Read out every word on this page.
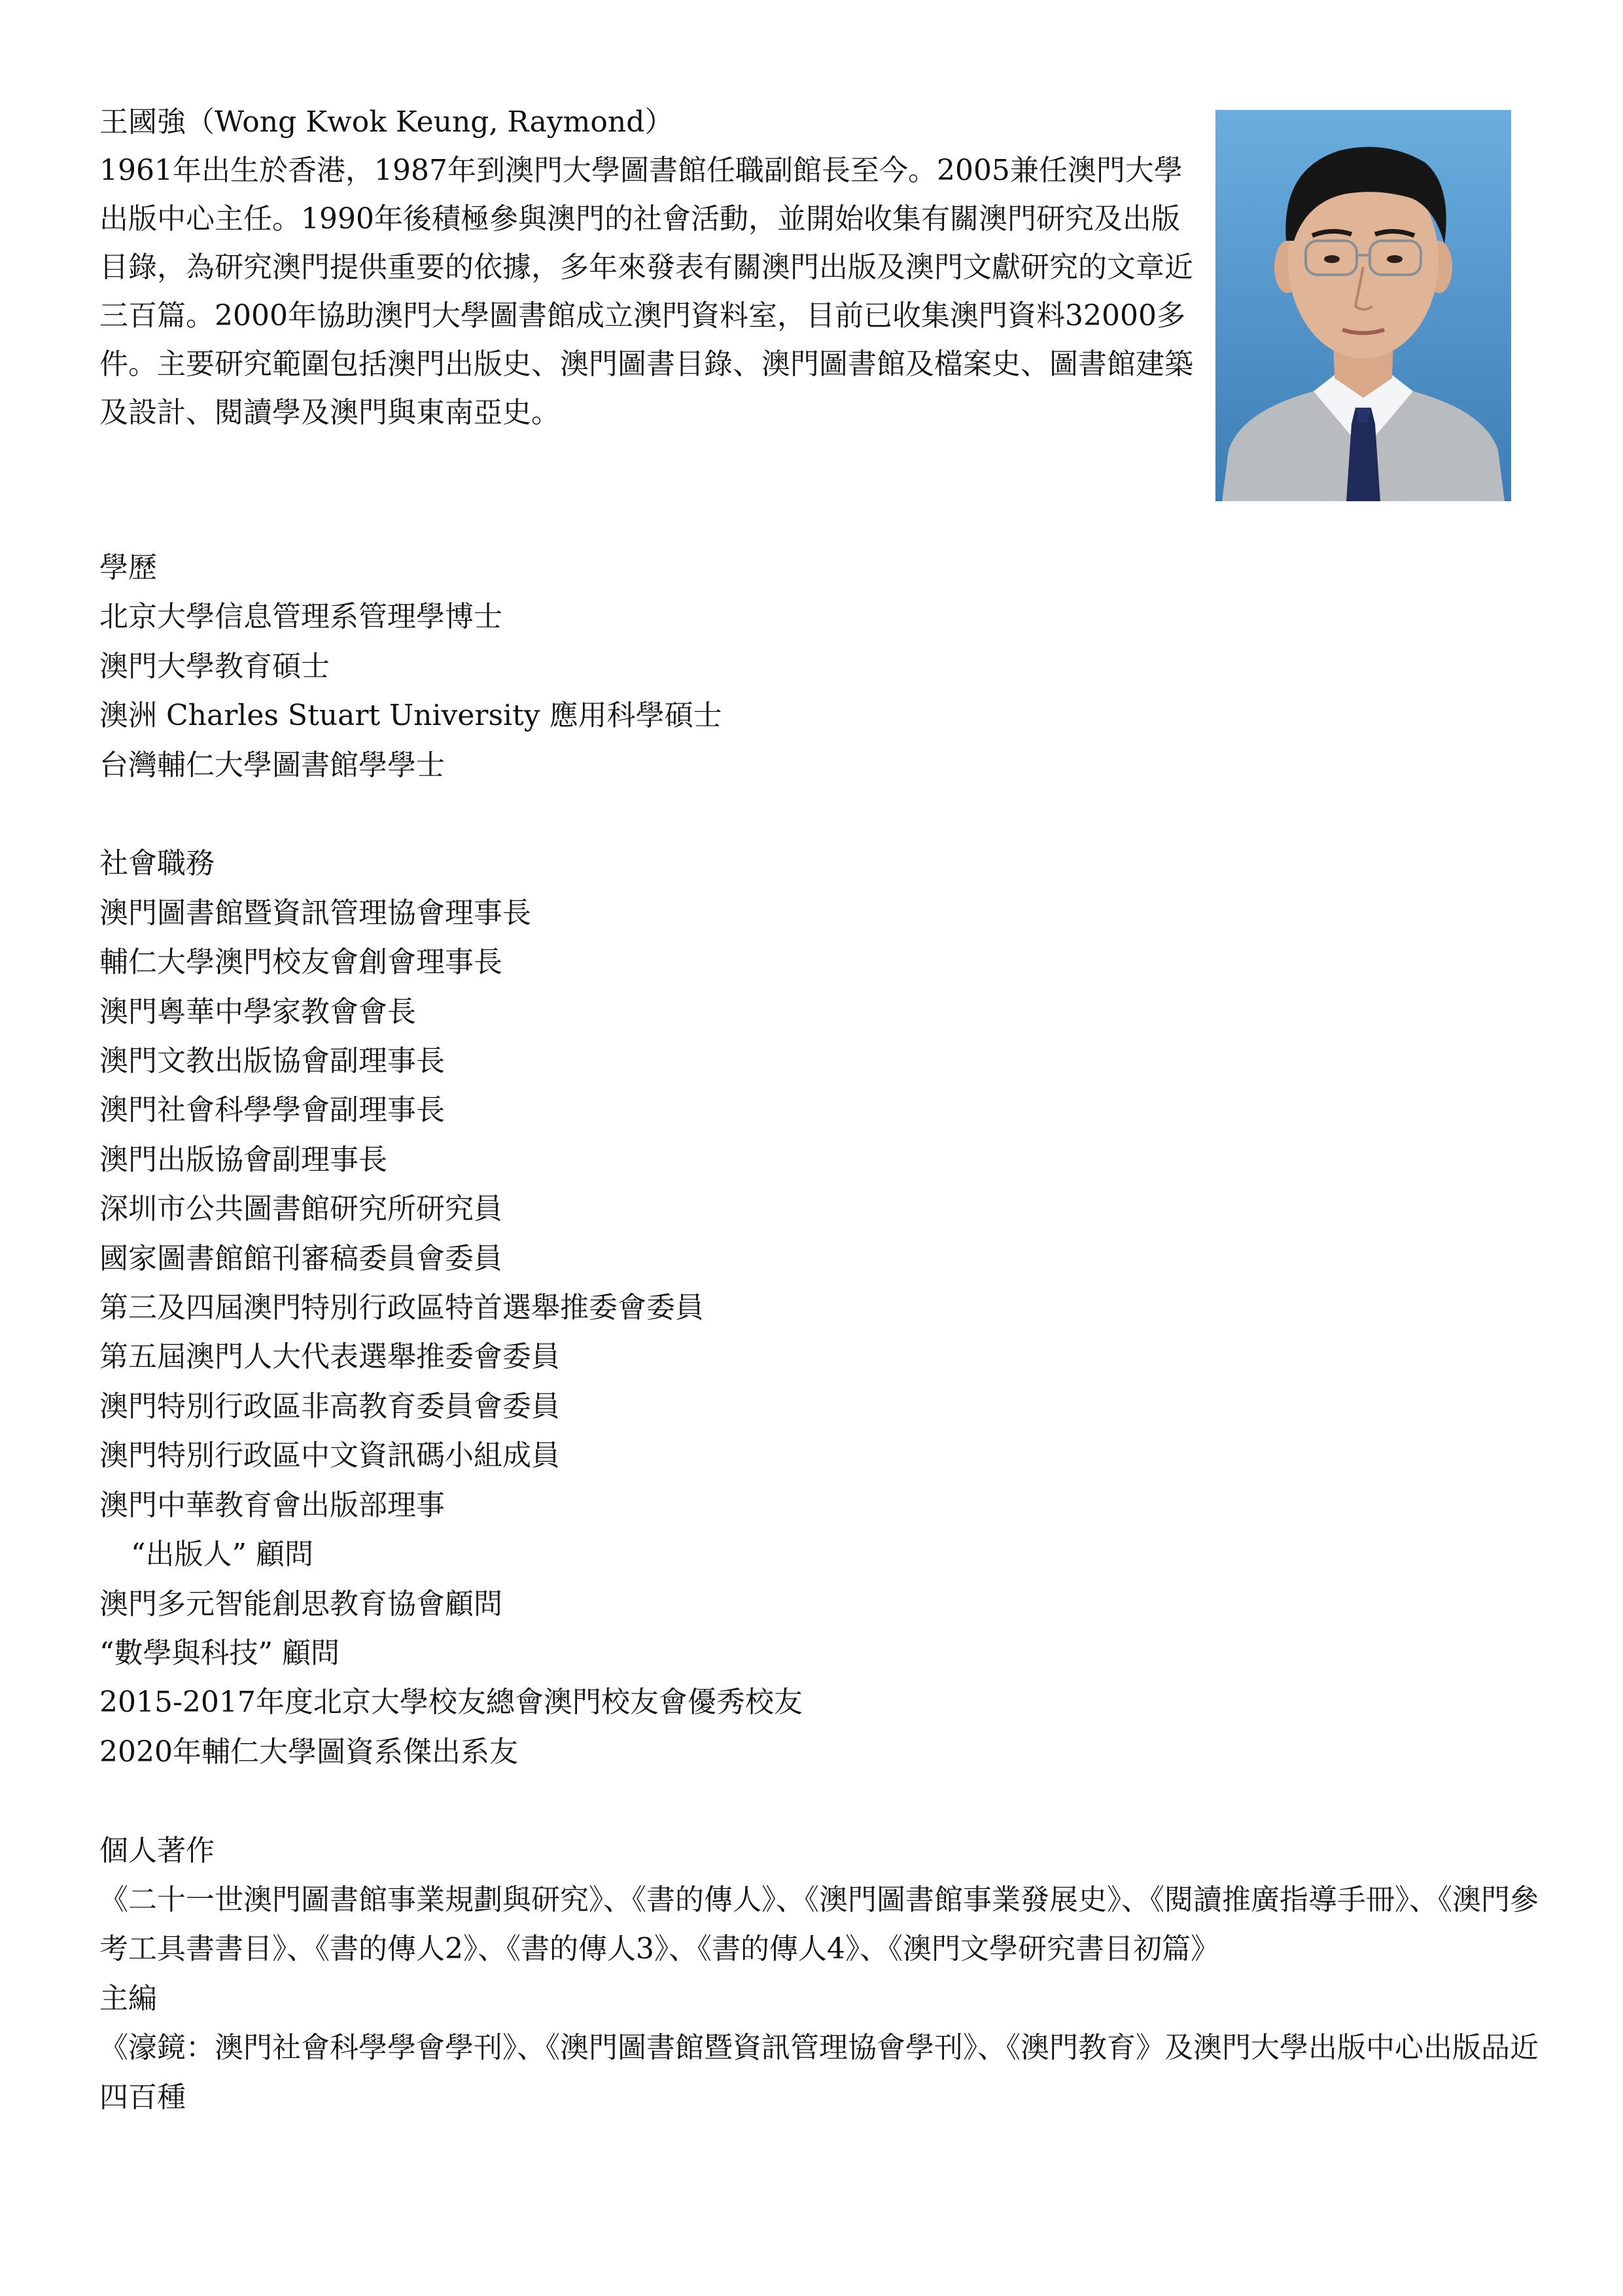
王國強（Wong Kwok Keung, Raymond）

1961年出生於香港，1987年到澳門大學圖書館任職副館長至今。2005兼任澳門大學出版中心主任。1990年後積極參與澳門的社會活動，並開始收集有關澳門研究及出版目錄，為研究澳門提供重要的依據，多年來發表有關澳門出版及澳門文獻研究的文章近三百篇。2000年協助澳門大學圖書館成立澳門資料室，目前已收集澳門資料32000多件。主要研究範圍包括澳門出版史、澳門圖書目錄、澳門圖書館及檔案史、圖書館建築及設計、閱讀學及澳門與東南亞史。

學歷
北京大學信息管理系管理學博士
澳門大學教育碩士
澳洲 Charles Stuart University 應用科學碩士
台灣輔仁大學圖書館學學士
社會職務
澳門圖書館暨資訊管理協會理事長
輔仁大學澳門校友會創會理事長
澳門粵華中學家教會會長
澳門文教出版協會副理事長
澳門社會科學學會副理事長
澳門出版協會副理事長
深圳市公共圖書館研究所研究員
國家圖書館館刊審稿委員會委員
第三及四屆澳門特別行政區特首選舉推委會委員
第五屆澳門人大代表選舉推委會委員
澳門特別行政區非高教育委員會委員
澳門特別行政區中文資訊碼小組成員
澳門中華教育會出版部理事
“出版人” 顧問
澳門多元智能創思教育協會顧問
“數學與科技” 顧問
2015-2017年度北京大學校友總會澳門校友會優秀校友
2020年輔仁大學圖資系傑出系友
個人著作
《二十一世澳門圖書館事業規劃與研究》、《書的傳人》、《澳門圖書館事業發展史》、《閱讀推廣指導手冊》、《澳門參考工具書書目》、《書的傳人2》、《書的傳人3》、《書的傳人4》、《澳門文學研究書目初篇》
主編
《濠鏡：澳門社會科學學會學刊》、《澳門圖書館暨資訊管理協會學刊》、《澳門教育》及澳門大學出版中心出版品近四百種
